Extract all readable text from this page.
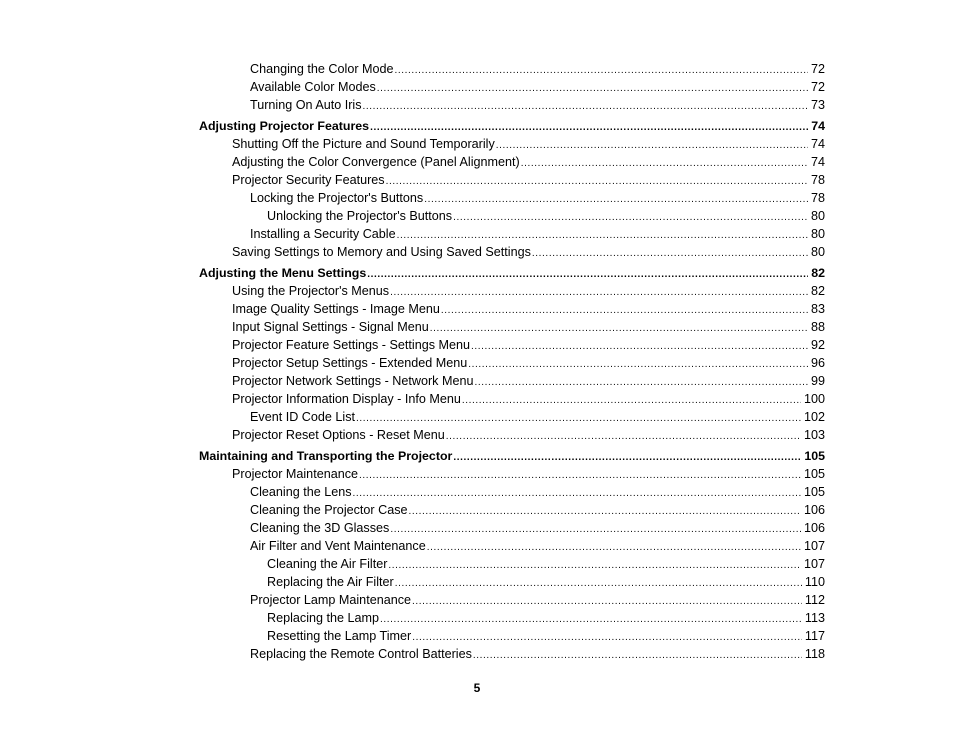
Changing the Color Mode .....	72
Available Color Modes .....	72
Turning On Auto Iris .....	73
Adjusting Projector Features .....	74
Shutting Off the Picture and Sound Temporarily .....	74
Adjusting the Color Convergence (Panel Alignment) .....	74
Projector Security Features .....	78
Locking the Projector's Buttons .....	78
Unlocking the Projector's Buttons .....	80
Installing a Security Cable .....	80
Saving Settings to Memory and Using Saved Settings .....	80
Adjusting the Menu Settings .....	82
Using the Projector's Menus .....	82
Image Quality Settings - Image Menu .....	83
Input Signal Settings - Signal Menu .....	88
Projector Feature Settings - Settings Menu .....	92
Projector Setup Settings - Extended Menu .....	96
Projector Network Settings - Network Menu .....	99
Projector Information Display - Info Menu .....	100
Event ID Code List .....	102
Projector Reset Options - Reset Menu .....	103
Maintaining and Transporting the Projector .....	105
Projector Maintenance .....	105
Cleaning the Lens .....	105
Cleaning the Projector Case .....	106
Cleaning the 3D Glasses .....	106
Air Filter and Vent Maintenance .....	107
Cleaning the Air Filter .....	107
Replacing the Air Filter .....	110
Projector Lamp Maintenance .....	112
Replacing the Lamp .....	113
Resetting the Lamp Timer .....	117
Replacing the Remote Control Batteries .....	118
5
